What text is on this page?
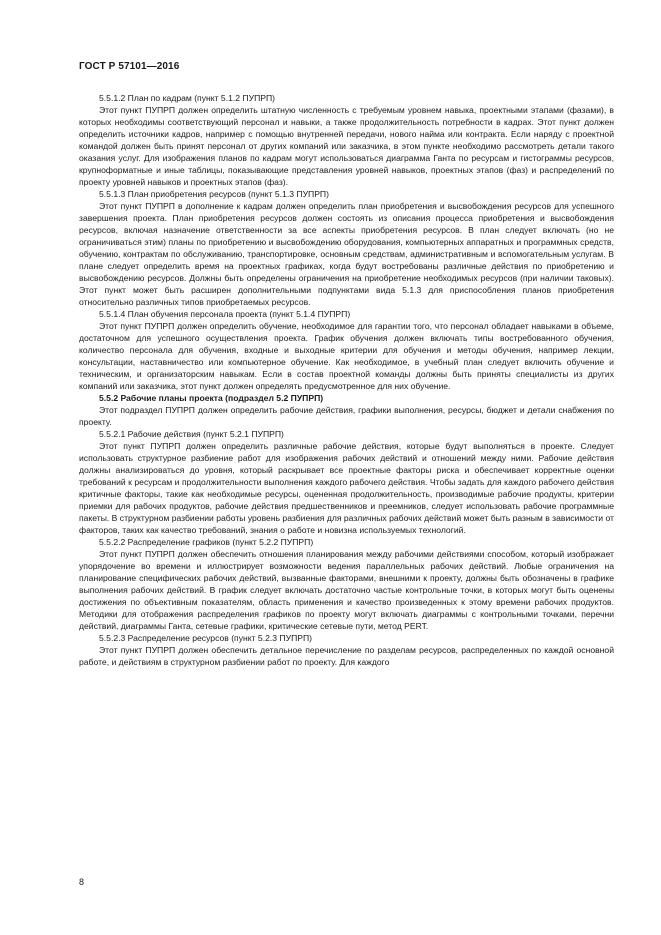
ГОСТ Р 57101—2016
5.5.1.2 План по кадрам (пункт 5.1.2 ПУПРП)
Этот пункт ПУПРП должен определить штатную численность с требуемым уровнем навыка, проектными этапами (фазами), в которых необходимы соответствующий персонал и навыки, а также продолжительность потребности в кадрах. Этот пункт должен определить источники кадров, например с помощью внутренней передачи, нового найма или контракта. Если наряду с проектной командой должен быть принят персонал от других компаний или заказчика, в этом пункте необходимо рассмотреть детали такого оказания услуг. Для изображения планов по кадрам могут использоваться диаграмма Ганта по ресурсам и гистограммы ресурсов, крупноформатные и иные таблицы, показывающие представления уровней навыков, проектных этапов (фаз) и распределений по проекту уровней навыков и проектных этапов (фаз).
5.5.1.3 План приобретения ресурсов (пункт 5.1.3 ПУПРП)
Этот пункт ПУПРП в дополнение к кадрам должен определить план приобретения и высвобождения ресурсов для успешного завершения проекта. План приобретения ресурсов должен состоять из описания процесса приобретения и высвобождения ресурсов, включая назначение ответственности за все аспекты приобретения ресурсов. В план следует включать (но не ограничиваться этим) планы по приобретению и высвобождению оборудования, компьютерных аппаратных и программных средств, обучению, контрактам по обслуживанию, транспортировке, основным средствам, административным и вспомогательным услугам. В плане следует определить время на проектных графиках, когда будут востребованы различные действия по приобретению и высвобождению ресурсов. Должны быть определены ограничения на приобретение необходимых ресурсов (при наличии таковых). Этот пункт может быть расширен дополнительными подпунктами вида 5.1.3 для приспособления планов приобретения относительно различных типов приобретаемых ресурсов.
5.5.1.4 План обучения персонала проекта (пункт 5.1.4 ПУПРП)
Этот пункт ПУПРП должен определить обучение, необходимое для гарантии того, что персонал обладает навыками в объеме, достаточном для успешного осуществления проекта. График обучения должен включать типы востребованного обучения, количество персонала для обучения, входные и выходные критерии для обучения и методы обучения, например лекции, консультации, наставничество или компьютерное обучение. Как необходимое, в учебный план следует включить обучение и техническим, и организаторским навыкам. Если в состав проектной команды должны быть приняты специалисты из других компаний или заказчика, этот пункт должен определять предусмотренное для них обучение.
5.5.2 Рабочие планы проекта (подраздел 5.2 ПУПРП)
Этот подраздел ПУПРП должен определить рабочие действия, графики выполнения, ресурсы, бюджет и детали снабжения по проекту.
5.5.2.1 Рабочие действия (пункт 5.2.1 ПУПРП)
Этот пункт ПУПРП должен определить различные рабочие действия, которые будут выполняться в проекте. Следует использовать структурное разбиение работ для изображения рабочих действий и отношений между ними. Рабочие действия должны анализироваться до уровня, который раскрывает все проектные факторы риска и обеспечивает корректные оценки требований к ресурсам и продолжительности выполнения каждого рабочего действия. Чтобы задать для каждого рабочего действия критичные факторы, такие как необходимые ресурсы, оцененная продолжительность, производимые рабочие продукты, критерии приемки для рабочих продуктов, рабочие действия предшественников и преемников, следует использовать рабочие программные пакеты. В структурном разбиении работы уровень разбиения для различных рабочих действий может быть разным в зависимости от факторов, таких как качество требований, знания о работе и новизна используемых технологий.
5.5.2.2 Распределение графиков (пункт 5.2.2 ПУПРП)
Этот пункт ПУПРП должен обеспечить отношения планирования между рабочими действиями способом, который изображает упорядочение во времени и иллюстрирует возможности ведения параллельных рабочих действий. Любые ограничения на планирование специфических рабочих действий, вызванные факторами, внешними к проекту, должны быть обозначены в графике выполнения рабочих действий. В график следует включать достаточно частые контрольные точки, в которых могут быть оценены достижения по объективным показателям, область применения и качество произведенных к этому времени рабочих продуктов. Методики для отображения распределения графиков по проекту могут включать диаграммы с контрольными точками, перечни действий, диаграммы Ганта, сетевые графики, критические сетевые пути, метод PERT.
5.5.2.3 Распределение ресурсов (пункт 5.2.3 ПУПРП)
Этот пункт ПУПРП должен обеспечить детальное перечисление по разделам ресурсов, распределенных по каждой основной работе, и действиям в структурном разбиении работ по проекту. Для каждого
8
